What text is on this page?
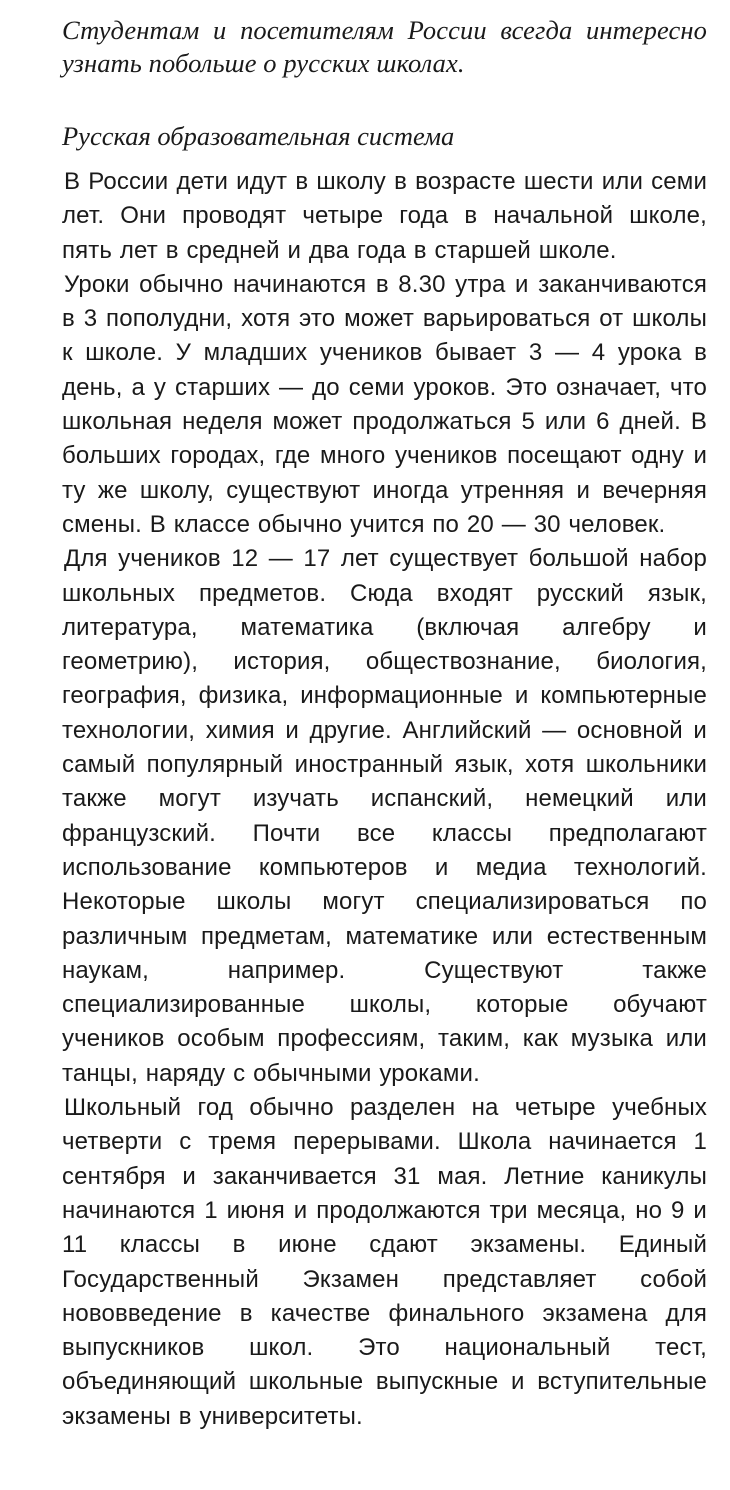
Студентам и посетителям России всегда интересно узнать побольше о русских школах.

Русская образовательная система

В России дети идут в школу в возрасте шести или семи лет. Они проводят четыре года в начальной школе, пять лет в средней и два года в старшей школе.

Уроки обычно начинаются в 8.30 утра и заканчиваются в 3 пополудни, хотя это может варьироваться от школы к школе. У младших учеников бывает 3 — 4 урока в день, а у старших — до семи уроков. Это означает, что школьная неделя может продолжаться 5 или 6 дней. В больших городах, где много учеников посещают одну и ту же школу, существуют иногда утренняя и вечерняя смены. В классе обычно учится по 20 — 30 человек.

Для учеников 12 — 17 лет существует большой набор школьных предметов. Сюда входят русский язык, литература, математика (включая алгебру и геометрию), история, обществознание, биология, география, физика, информационные и компьютерные технологии, химия и другие. Английский — основной и самый популярный иностранный язык, хотя школьники также могут изучать испанский, немецкий или французский. Почти все классы предполагают использование компьютеров и медиа технологий. Некоторые школы могут специализироваться по различным предметам, математике или естественным наукам, например. Существуют также специализированные школы, которые обучают учеников особым профессиям, таким, как музыка или танцы, наряду с обычными уроками.

Школьный год обычно разделен на четыре учебных четверти с тремя перерывами. Школа начинается 1 сентября и заканчивается 31 мая. Летние каникулы начинаются 1 июня и продолжаются три месяца, но 9 и 11 классы в июне сдают экзамены. Единый Государственный Экзамен представляет собой нововведение в качестве финального экзамена для выпускников школ. Это национальный тест, объединяющий школьные выпускные и вступительные экзамены в университеты.
